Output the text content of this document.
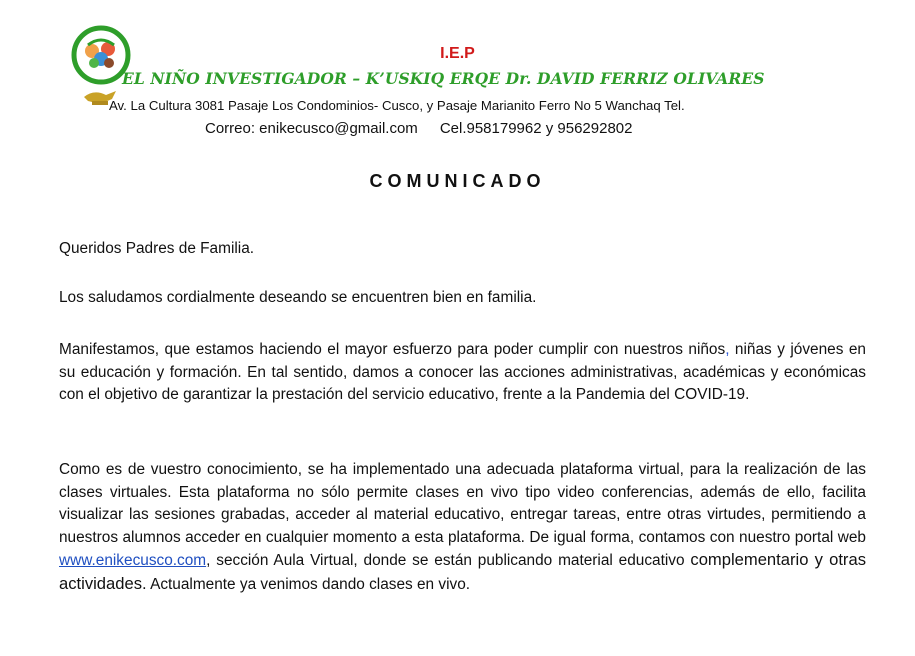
I.E.P
EL NIÑO INVESTIGADOR – K’USKIQ ERQE Dr. DAVID FERRIZ OLIVARES
Av. La Cultura 3081 Pasaje Los Condominios- Cusco, y Pasaje Marianito Ferro No 5 Wanchaq Tel.
Correo: enikecusco@gmail.com Cel.958179962 y 956292802
COMUNICADO

Queridos Padres de Familia.

Los saludamos cordialmente deseando se encuentren bien en familia.

Manifestamos, que estamos haciendo el mayor esfuerzo para poder cumplir con nuestros niños, niñas y jóvenes en su educación y formación. En tal sentido, damos a conocer las acciones administrativas, académicas y económicas con el objetivo de garantizar la prestación del servicio educativo, frente a la Pandemia del COVID-19.

Como es de vuestro conocimiento, se ha implementado una adecuada plataforma virtual, para la realización de las clases virtuales. Esta plataforma no sólo permite clases en vivo tipo video conferencias, además de ello, facilita visualizar las sesiones grabadas, acceder al material educativo, entregar tareas, entre otras virtudes, permitiendo a nuestros alumnos acceder en cualquier momento a esta plataforma. De igual forma, contamos con nuestro portal web www.enikecusco.com, sección Aula Virtual, donde se están publicando material educativo complementario y otras actividades. Actualmente ya venimos dando clases en vivo.
